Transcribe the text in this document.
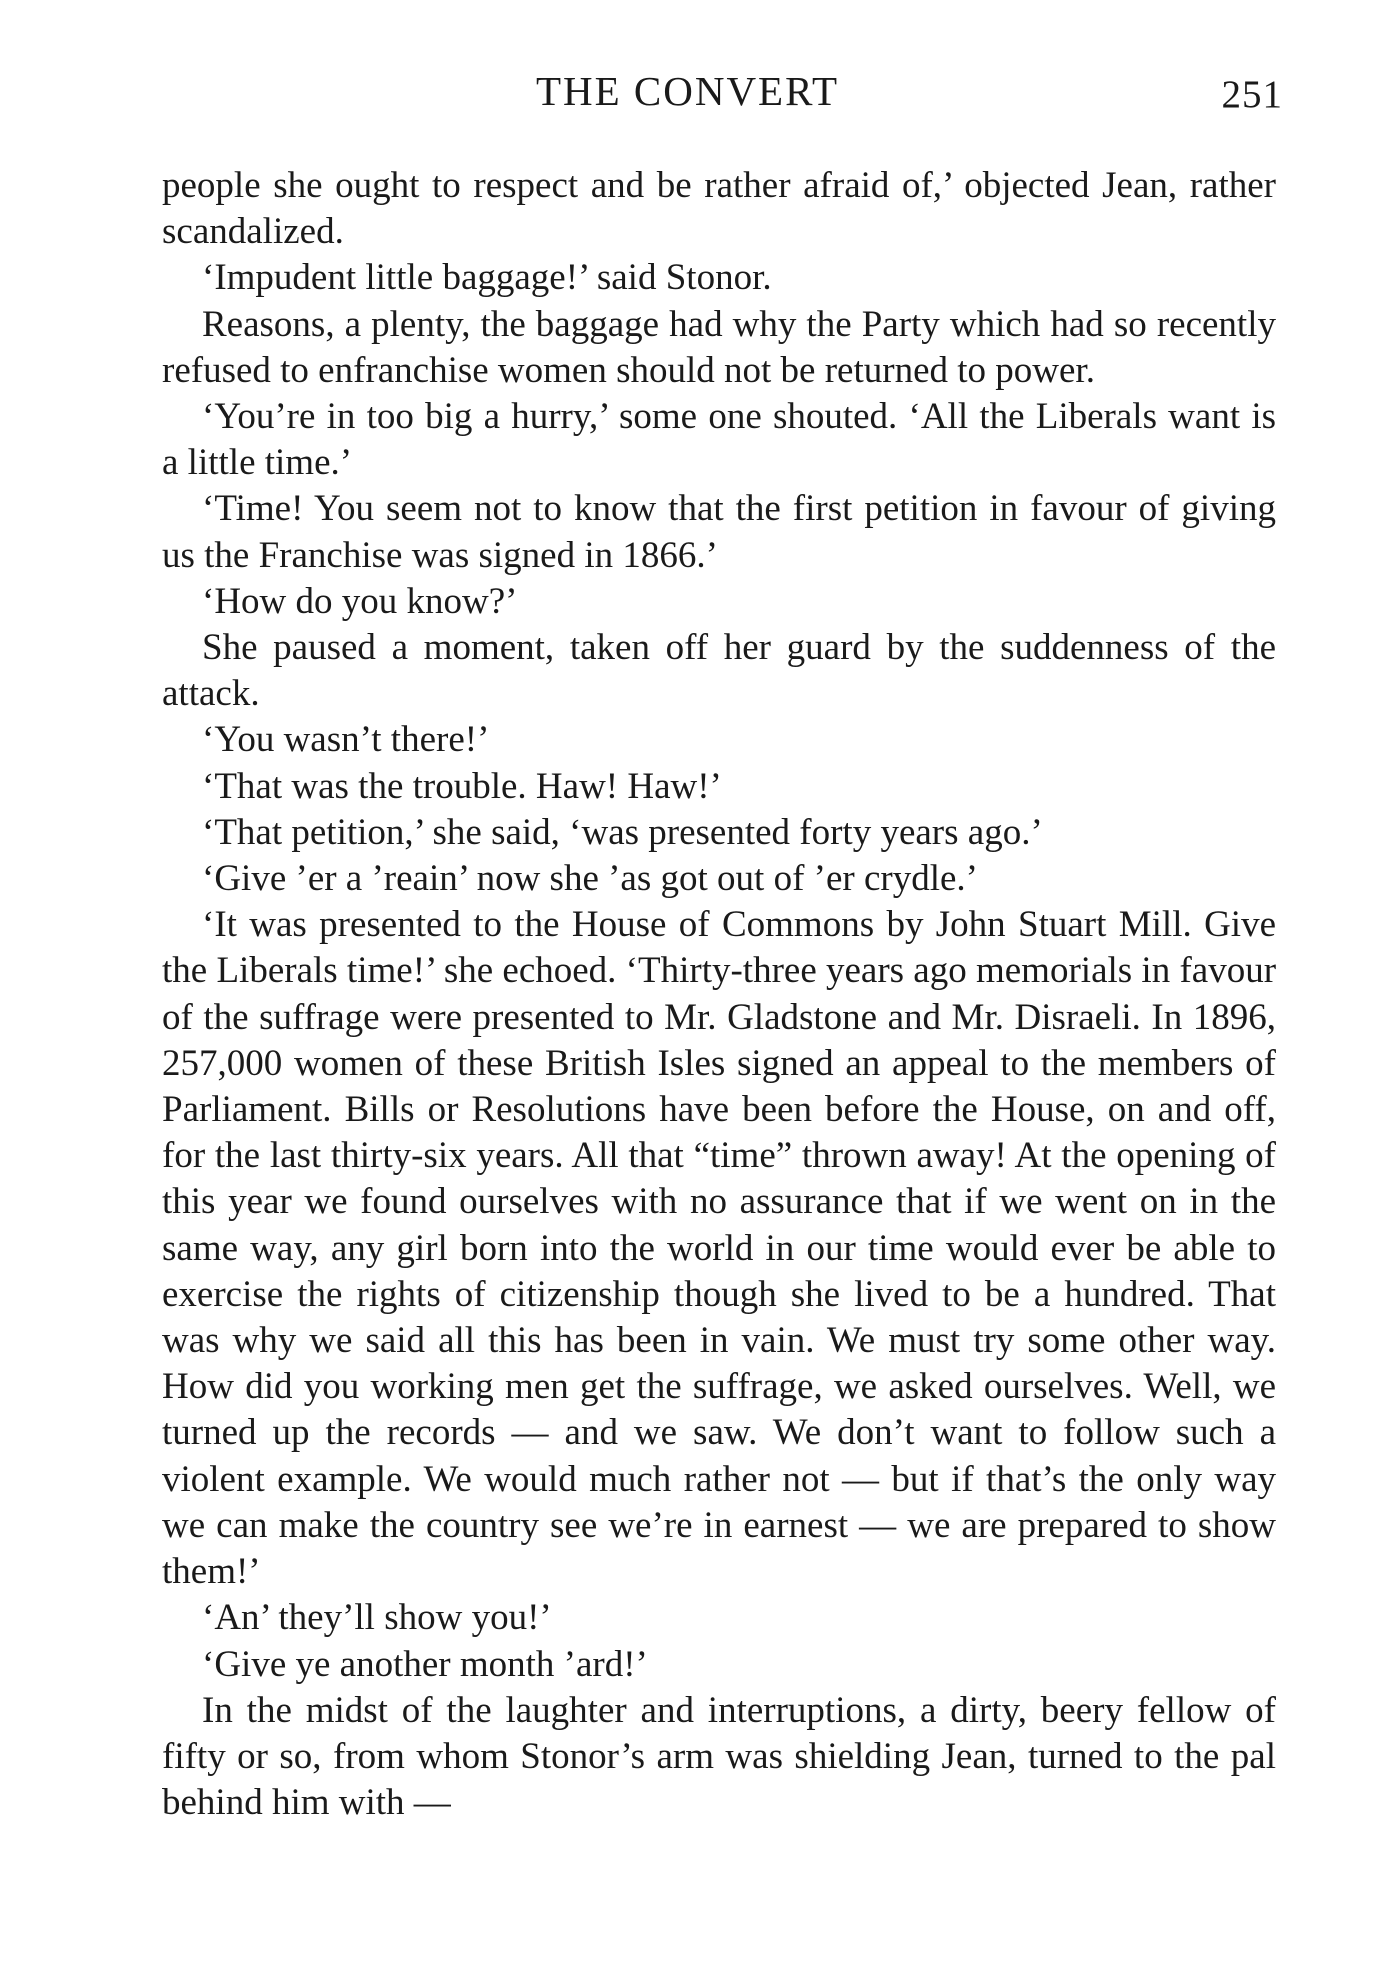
THE CONVERT	251

people she ought to respect and be rather afraid of,’ objected Jean, rather scandalized.

‘Impudent little baggage!’ said Stonor.

Reasons, a plenty, the baggage had why the Party which had so recently refused to enfranchise women should not be returned to power.

‘You’re in too big a hurry,’ some one shouted. ‘All the Liberals want is a little time.’

‘Time! You seem not to know that the first petition in favour of giving us the Franchise was signed in 1866.’

‘How do you know?’

She paused a moment, taken off her guard by the suddenness of the attack.

‘You wasn’t there!’

‘That was the trouble. Haw! Haw!’

‘That petition,’ she said, ‘was presented forty years ago.’

‘Give ’er a ’reain’ now she ’as got out of ’er crydle.’

‘It was presented to the House of Commons by John Stuart Mill. Give the Liberals time!’ she echoed. ‘Thirty-three years ago memorials in favour of the suffrage were presented to Mr. Gladstone and Mr. Disraeli. In 1896, 257,000 women of these British Isles signed an appeal to the members of Parliament. Bills or Resolutions have been before the House, on and off, for the last thirty-six years. All that “time” thrown away! At the opening of this year we found ourselves with no assurance that if we went on in the same way, any girl born into the world in our time would ever be able to exercise the rights of citizenship though she lived to be a hundred. That was why we said all this has been in vain. We must try some other way. How did you working men get the suffrage, we asked ourselves. Well, we turned up the records — and we saw. We don’t want to follow such a violent example. We would much rather not — but if that’s the only way we can make the country see we’re in earnest — we are prepared to show them!’

‘An’ they’ll show you!’

‘Give ye another month ’ard!’

In the midst of the laughter and interruptions, a dirty, beery fellow of fifty or so, from whom Stonor’s arm was shielding Jean, turned to the pal behind him with —
